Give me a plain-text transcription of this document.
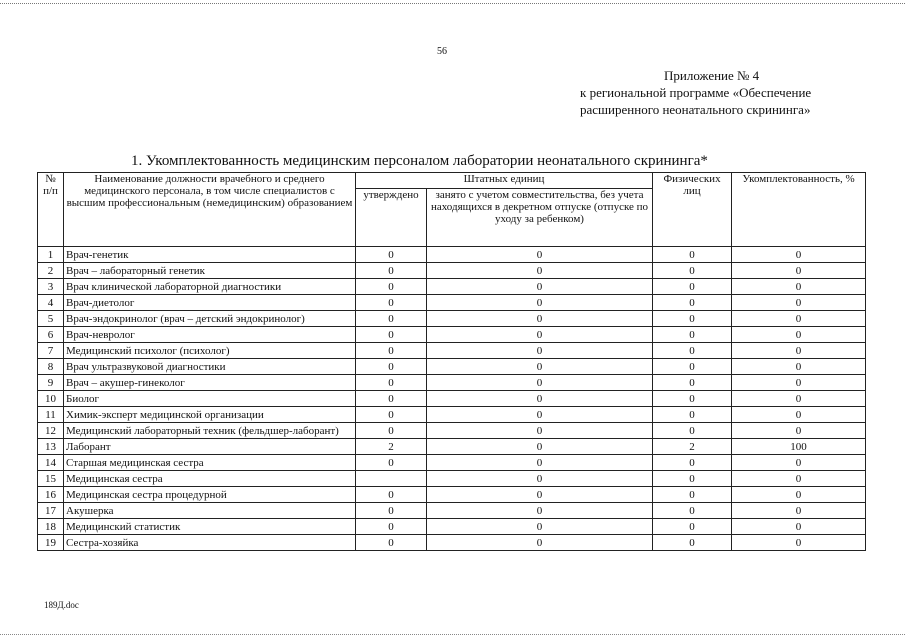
56
Приложение № 4
к региональной программе «Обеспечение
расширенного неонатального скрининга»
1. Укомплектованность медицинским персоналом лаборатории неонатального скрининга*
№ п/п	Наименование должности врачебного и среднего медицинского персонала, в том числе специалистов с высшим профессиональным (немедицинским) образованием	Штатных единиц		Физических лиц	Укомплектованность, %
		утверждено	занято с учетом совместительства, без учета находящихся в декретном отпуске (отпуске по уходу за ребенком)		
1	Врач-генетик	0	0	0	0
2	Врач – лабораторный генетик	0	0	0	0
3	Врач клинической лабораторной диагностики	0	0	0	0
4	Врач-диетолог	0	0	0	0
5	Врач-эндокринолог (врач – детский эндокринолог)	0	0	0	0
6	Врач-невролог	0	0	0	0
7	Медицинский психолог (психолог)	0	0	0	0
8	Врач ультразвуковой диагностики	0	0	0	0
9	Врач – акушер-гинеколог	0	0	0	0
10	Биолог	0	0	0	0
11	Химик-эксперт медицинской организации	0	0	0	0
12	Медицинский лабораторный техник (фельдшер-лаборант)	0	0	0	0
13	Лаборант	2	0	2	100
14	Старшая медицинская сестра	0	0	0	0
15	Медицинская сестра		0	0	0
16	Медицинская сестра процедурной	0	0	0	0
17	Акушерка	0	0	0	0
18	Медицинский статистик	0	0	0	0
19	Сестра-хозяйка	0	0	0	0
189Д.doc
